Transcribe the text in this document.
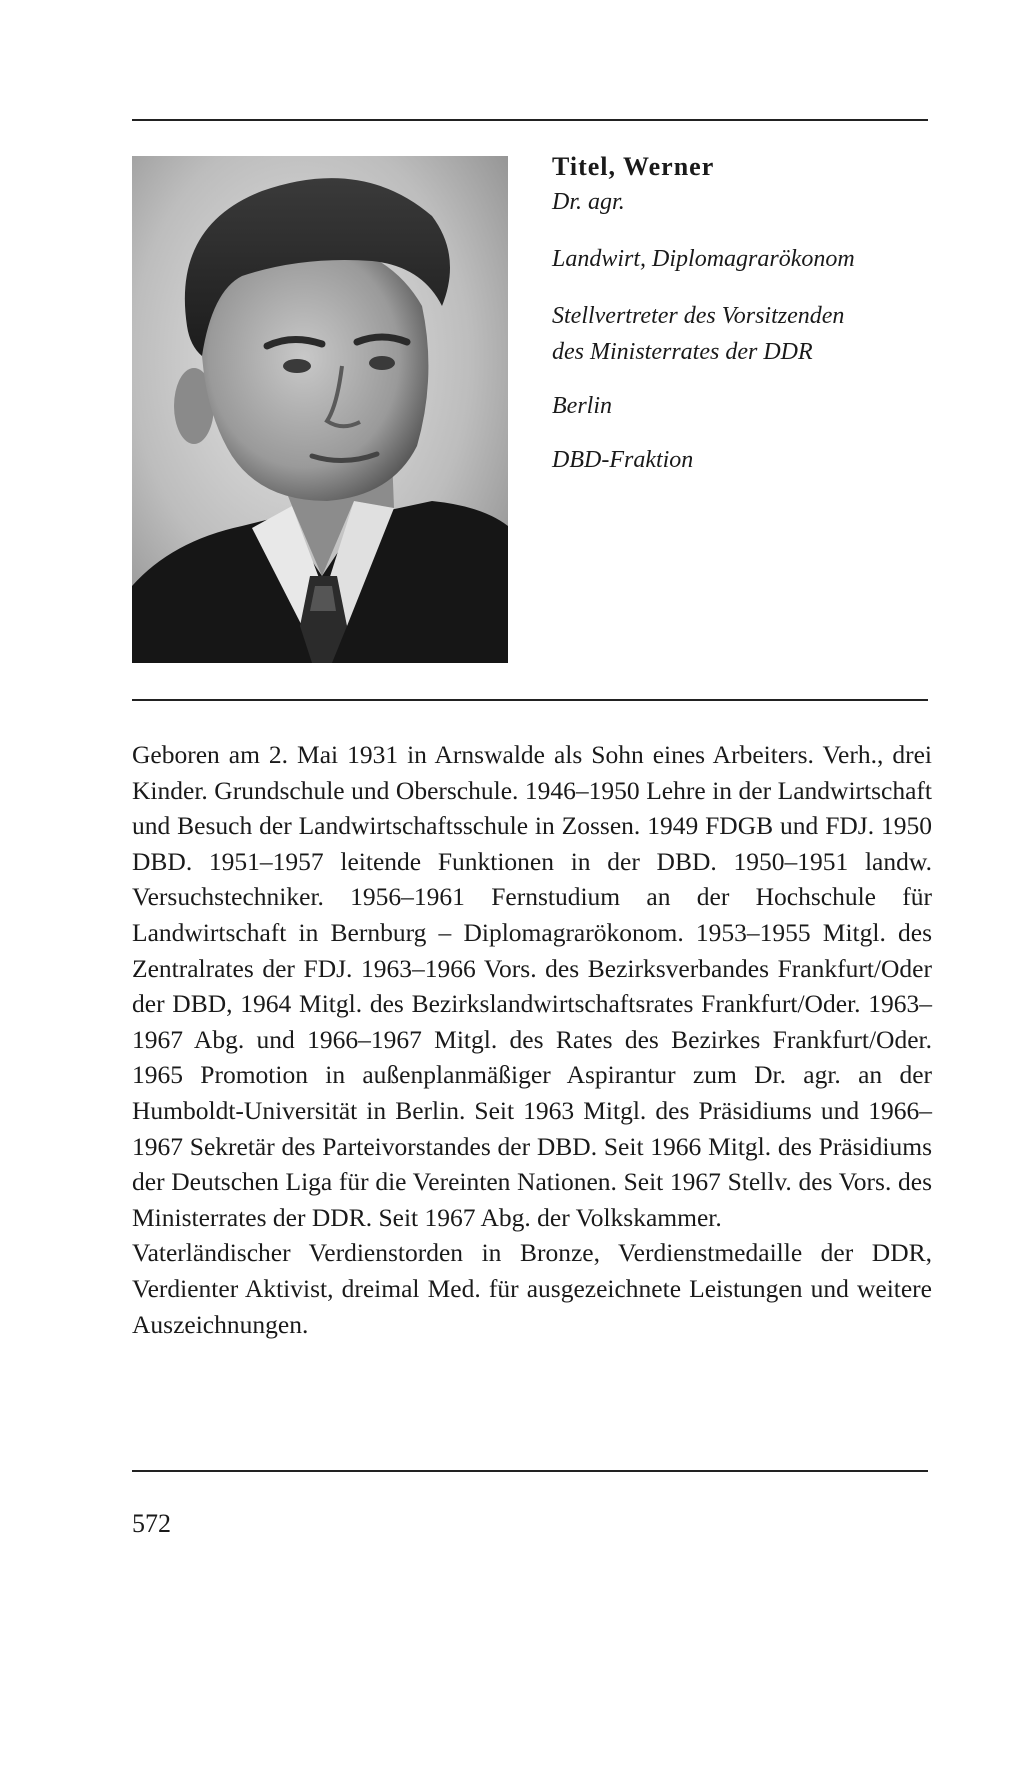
Titel, Werner

Dr. agr.

Landwirt, Diplomagrarökonom

Stellvertreter des Vorsitzenden

des Ministerrates der DDR

Berlin

DBD-Fraktion

Geboren am 2. Mai 1931 in Arnswalde als Sohn eines Arbeiters. Verh., drei Kinder. Grundschule und Oberschule. 1946–1950 Lehre in der Landwirtschaft und Besuch der Landwirtschaftsschule in Zossen. 1949 FDGB und FDJ. 1950 DBD. 1951–1957 leitende Funktionen in der DBD. 1950–1951 landw. Versuchstechniker. 1956–1961 Fernstudium an der Hochschule für Landwirtschaft in Bernburg – Diplomagrarökonom. 1953–1955 Mitgl. des Zentralrates der FDJ. 1963–1966 Vors. des Bezirksverbandes Frankfurt/Oder der DBD, 1964 Mitgl. des Bezirkslandwirtschaftsrates Frankfurt/Oder. 1963–1967 Abg. und 1966–1967 Mitgl. des Rates des Bezirkes Frankfurt/Oder. 1965 Promotion in außenplanmäßiger Aspirantur zum Dr. agr. an der Humboldt-Universität in Berlin. Seit 1963 Mitgl. des Präsidiums und 1966–1967 Sekretär des Parteivorstandes der DBD. Seit 1966 Mitgl. des Präsidiums der Deutschen Liga für die Vereinten Nationen. Seit 1967 Stellv. des Vors. des Ministerrates der DDR. Seit 1967 Abg. der Volkskammer.

Vaterländischer Verdienstorden in Bronze, Verdienstmedaille der DDR, Verdienter Aktivist, dreimal Med. für ausgezeichnete Leistungen und weitere Auszeichnungen.

572
